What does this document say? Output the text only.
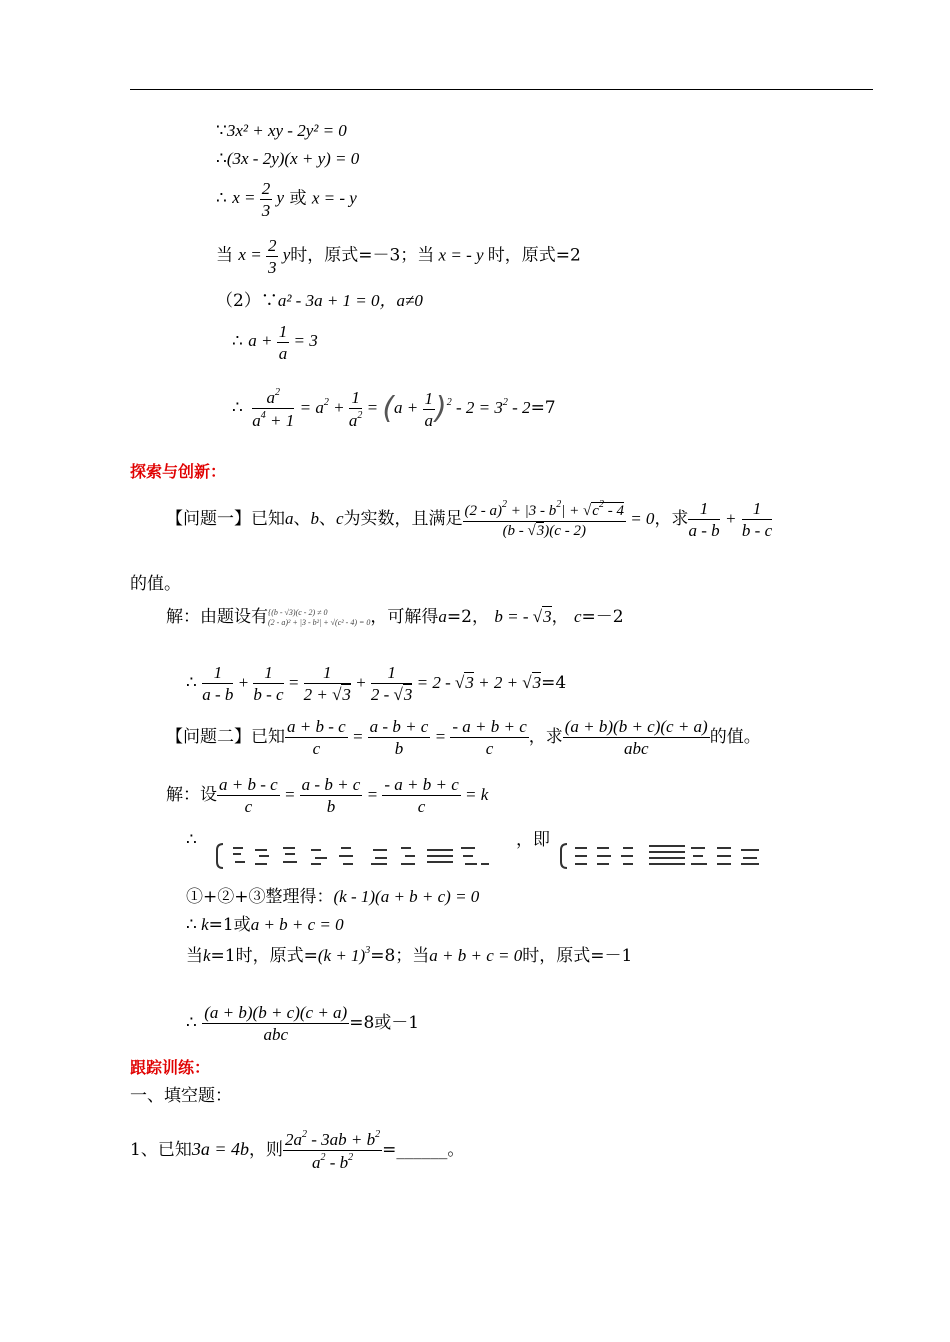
∵3x² + xy - 2y² = 0
∴(3x - 2y)(x + y) = 0
∴ $x = \frac{2}{3}$ y 或 x = - y
当 $x = \frac{2}{3}$ y时，原式=－3；当 x = - y 时，原式=2
（2）∵a² - 3a + 1 = 0，a≠0
∴ $a + \frac{1}{a} = 3$
∴ $\frac{a^2}{a^4 + 1} = a^2 + \frac{1}{a^2} = (a + \frac{1}{a} )^2 - 2 = 3^2 - 2=7$
探索与创新：
【问题一】已知a、b、c为实数，且满足 $\frac{(2 - a)^2 + |3 - b^2| + √c^2 - 4}{(b - √3)(c - 2)} = 0$，求 $\frac{1}{a - b} + \frac{1}{b - c}$
的值。
解：由题设有{(b - √3)(c - 2) ≠ 0
(2 - a)² + |3 - b²| + √(c² - 4) = 0，可解得a=2， b = - √3， c=－2
∴ $\frac{1}{a - b} + \frac{1}{b - c} = \frac{1}{2 + √3} + \frac{1}{2 - √3} = 2 - √3 + 2 + √3=4$
【问题二】已知 $\frac{a + b - c}{c} = \frac{a - b + c}{b} = \frac{- a + b + c}{c}$ ，求 $\frac{(a + b)(b + c)(c + a)}{\text{abc}}$ 的值。
解：设 $\frac{a + b - c}{c} = \frac{a - b + c}{b} = \frac{- a + b + c}{c} = k$
∴	，即
①+②+③整理得：(k - 1)(a + b + c) = 0
∴ k=1或a + b + c = 0
当k=1时，原式$=(k + 1)^3=8$；当a + b + c = 0时，原式=－1
∴ $\frac{(a + b)(b + c)(c + a)}{\text{abc}} =8$或－1
跟踪训练：
一、填空题：
1、已知3a = 4b，则 $\frac{2a^2 - 3ab + b^2}{a^2 - b^2}$ =______。
